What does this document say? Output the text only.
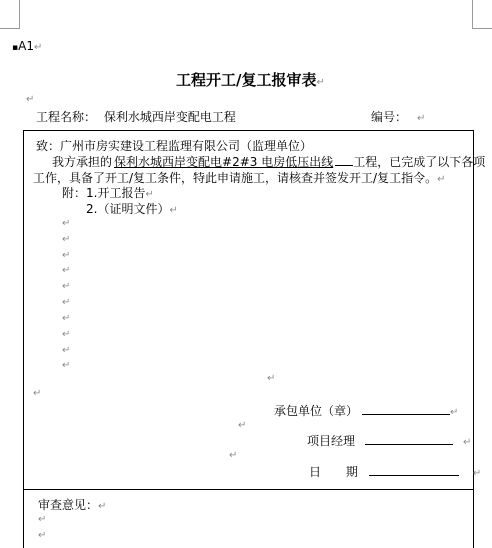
▪A1↵
工程开工/复工报审表↵
↵
工程名称： 保利水城西岸变配电工程	编号： ↵
致：广州市房实建设工程监理有限公司（监理单位）
我方承担的 保利水城西岸变配电#2#3 电房低压出线 工程，已完成了以下各项
工作，具备了开工/复工条件，特此申请施工，请核查并签发开工/复工指令。↵
附：1.开工报告↵
2.（证明文件）↵
↵
↵
↵
↵
↵
↵
↵
↵
↵
↵
↵
↵
承包单位（章）	↵
↵
项目经理	↵
↵
日　 期	↵
审查意见：↵
↵
↵
